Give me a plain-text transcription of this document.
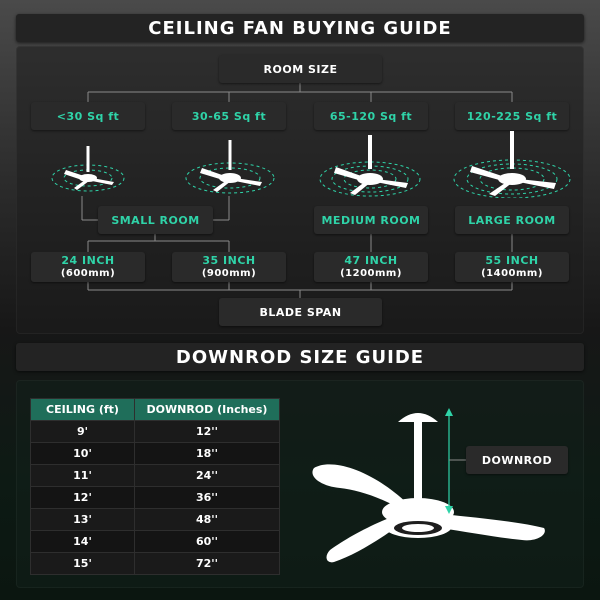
CEILING FAN BUYING GUIDE
ROOM SIZE
<30 Sq ft	30-65 Sq ft	65-120 Sq ft	120-225 Sq ft
SMALL ROOM	MEDIUM ROOM	LARGE ROOM
24 INCH
(600mm)
35 INCH
(900mm)
47 INCH
(1200mm)
55 INCH
(1400mm)
BLADE SPAN
DOWNROD SIZE GUIDE
CEILING (ft)	DOWNROD (Inches)
9'	12''
10'	18''
11'	24''
12'	36''
13'	48''
14'	60''
15'	72''
DOWNROD
